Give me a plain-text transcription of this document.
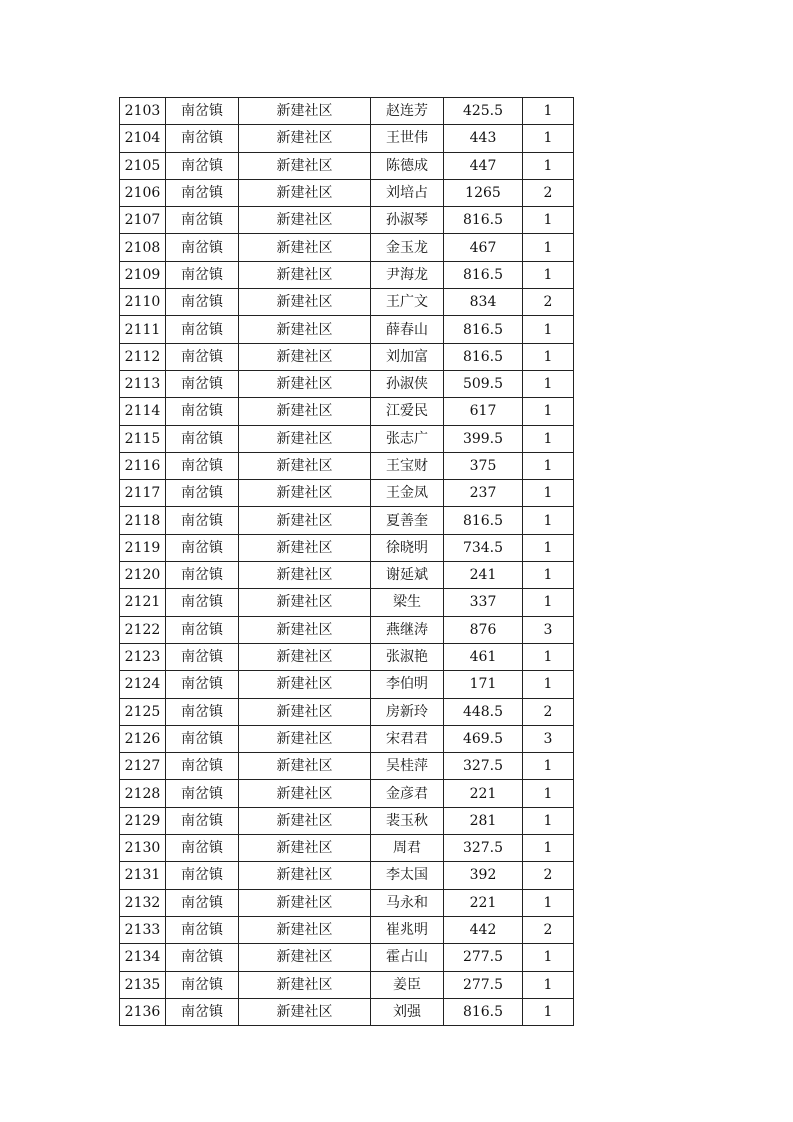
2103	南岔镇	新建社区	赵连芳	425.5	1
2104	南岔镇	新建社区	王世伟	443	1
2105	南岔镇	新建社区	陈德成	447	1
2106	南岔镇	新建社区	刘培占	1265	2
2107	南岔镇	新建社区	孙淑琴	816.5	1
2108	南岔镇	新建社区	金玉龙	467	1
2109	南岔镇	新建社区	尹海龙	816.5	1
2110	南岔镇	新建社区	王广文	834	2
2111	南岔镇	新建社区	薛春山	816.5	1
2112	南岔镇	新建社区	刘加富	816.5	1
2113	南岔镇	新建社区	孙淑侠	509.5	1
2114	南岔镇	新建社区	江爱民	617	1
2115	南岔镇	新建社区	张志广	399.5	1
2116	南岔镇	新建社区	王宝财	375	1
2117	南岔镇	新建社区	王金凤	237	1
2118	南岔镇	新建社区	夏善奎	816.5	1
2119	南岔镇	新建社区	徐晓明	734.5	1
2120	南岔镇	新建社区	谢延斌	241	1
2121	南岔镇	新建社区	梁生	337	1
2122	南岔镇	新建社区	燕继涛	876	3
2123	南岔镇	新建社区	张淑艳	461	1
2124	南岔镇	新建社区	李伯明	171	1
2125	南岔镇	新建社区	房新玲	448.5	2
2126	南岔镇	新建社区	宋君君	469.5	3
2127	南岔镇	新建社区	吴桂萍	327.5	1
2128	南岔镇	新建社区	金彦君	221	1
2129	南岔镇	新建社区	裴玉秋	281	1
2130	南岔镇	新建社区	周君	327.5	1
2131	南岔镇	新建社区	李太国	392	2
2132	南岔镇	新建社区	马永和	221	1
2133	南岔镇	新建社区	崔兆明	442	2
2134	南岔镇	新建社区	霍占山	277.5	1
2135	南岔镇	新建社区	姜臣	277.5	1
2136	南岔镇	新建社区	刘强	816.5	1
